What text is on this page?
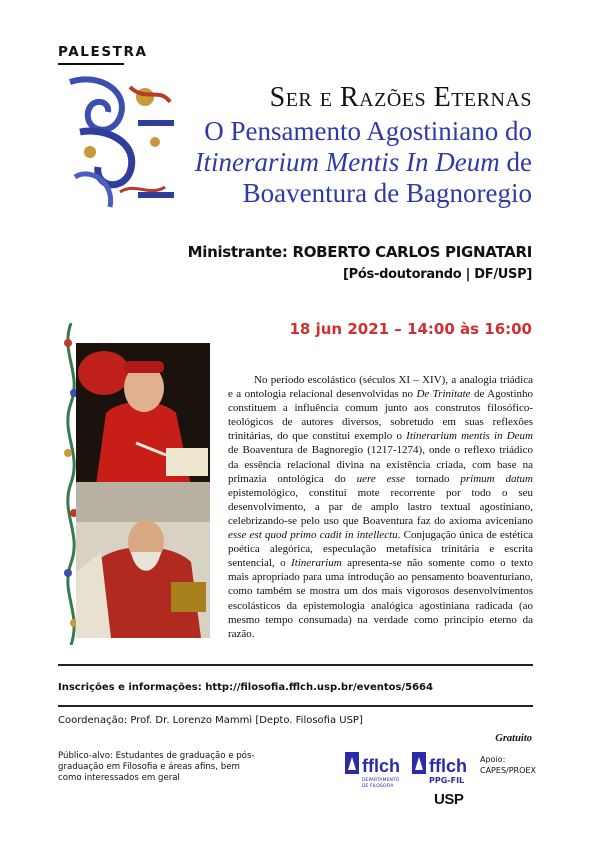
PALESTRA
Ser e Razões Eternas
O Pensamento Agostiniano do
Itinerarium Mentis In Deum de
Boaventura de Bagnoregio
Ministrante: ROBERTO CARLOS PIGNATARI
[Pós-doutorando | DF/USP]
18 jun 2021 – 14:00 às 16:00
No período escolástico (séculos XI – XIV), a analogia triádica e a ontologia relacional desenvolvidas no De Trinitate de Agostinho constituem a influência comum junto aos construtos filosófico-teológicos de autores diversos, sobretudo em suas reflexões trinitárias, do que constitui exemplo o Itinerarium mentis in Deum de Boaventura de Bagnoregio (1217-1274), onde o reflexo triádico da essência relacional divina na existência criada, com base na primazia ontológica do uere esse tornado primum datum epistemológico, constitui mote recorrente por todo o seu desenvolvimento, a par de amplo lastro textual agostiniano, celebrizando-se pelo uso que Boaventura faz do axioma aviceniano esse est quod primo cadit in intellectu. Conjugação única de estética poética alegórica, especulação metafísica trinitária e escrita sentencial, o Itinerarium apresenta-se não somente como o texto mais apropriado para uma introdução ao pensamento boaventuriano, como também se mostra um dos mais vigorosos desenvolvimentos escolásticos da epistemologia analógica agostiniana radicada (ao mesmo tempo consumada) na verdade como princípio eterno da razão.
Inscrições e informações: http://filosofia.fflch.usp.br/eventos/5664
Coordenação: Prof. Dr. Lorenzo Mammì [Depto. Filosofia USP]
Gratuito
Público-alvo: Estudantes de graduação e pós-graduação em Filosofia e áreas afins, bem como interessados em geral
fflch
DEPARTAMENTO
DE FILOSOFIA
fflch
PPG-FIL
Apoio:
CAPES/PROEX
USP
